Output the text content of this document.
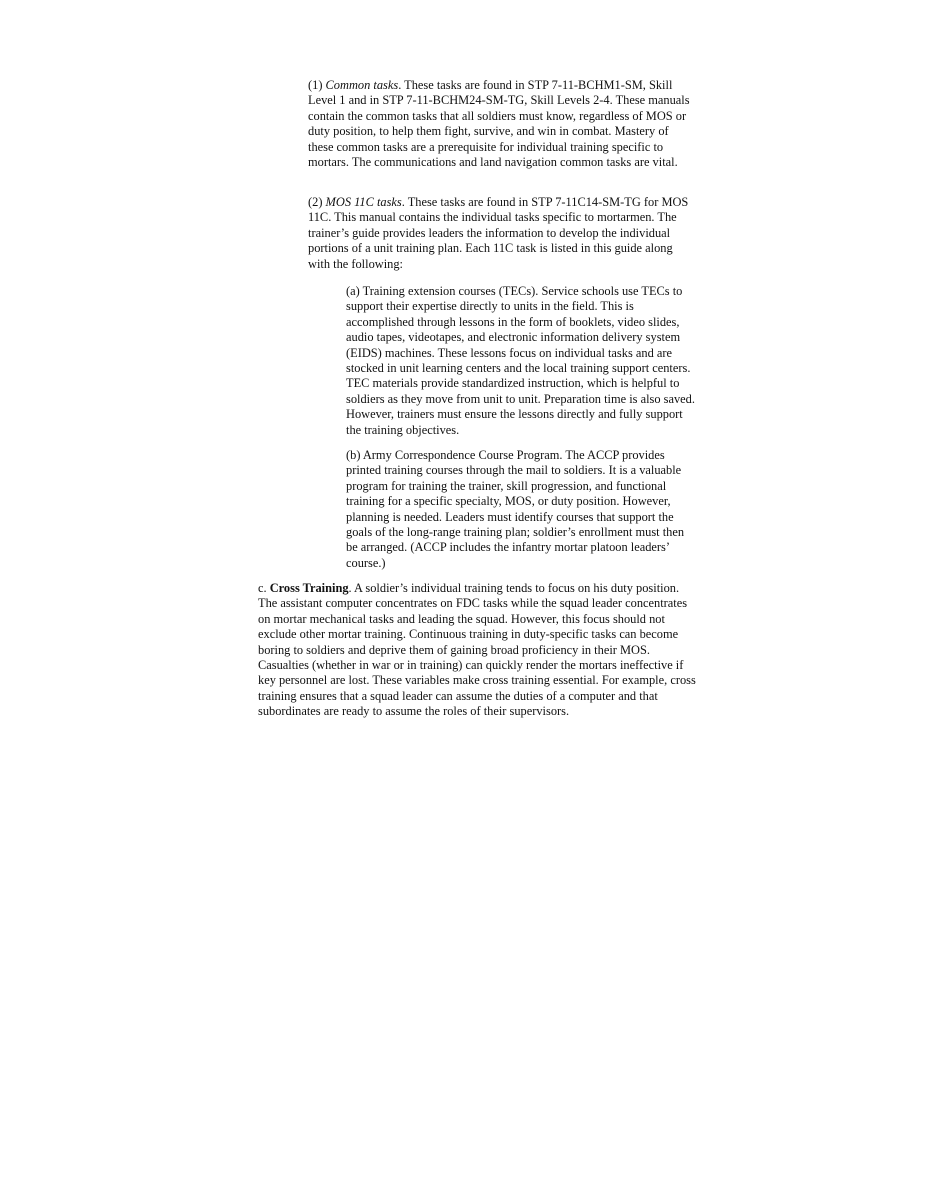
(1) Common tasks. These tasks are found in STP 7-11-BCHM1-SM, Skill Level 1 and in STP 7-11-BCHM24-SM-TG, Skill Levels 2-4. These manuals contain the common tasks that all soldiers must know, regardless of MOS or duty position, to help them fight, survive, and win in combat. Mastery of these common tasks are a prerequisite for individual training specific to mortars. The communications and land navigation common tasks are vital.

(2) MOS 11C tasks. These tasks are found in STP 7-11C14-SM-TG for MOS 11C. This manual contains the individual tasks specific to mortarmen. The trainer’s guide provides leaders the information to develop the individual portions of a unit training plan. Each 11C task is listed in this guide along with the following:

(a) Training extension courses (TECs). Service schools use TECs to support their expertise directly to units in the field. This is accomplished through lessons in the form of booklets, video slides, audio tapes, videotapes, and electronic information delivery system (EIDS) machines. These lessons focus on individual tasks and are stocked in unit learning centers and the local training support centers. TEC materials provide standardized instruction, which is helpful to soldiers as they move from unit to unit. Preparation time is also saved. However, trainers must ensure the lessons directly and fully support the training objectives.

(b) Army Correspondence Course Program. The ACCP provides printed training courses through the mail to soldiers. It is a valuable program for training the trainer, skill progression, and functional training for a specific specialty, MOS, or duty position. However, planning is needed. Leaders must identify courses that support the goals of the long-range training plan; soldier’s enrollment must then be arranged. (ACCP includes the infantry mortar platoon leaders’ course.)

c. Cross Training. A soldier’s individual training tends to focus on his duty position. The assistant computer concentrates on FDC tasks while the squad leader concentrates on mortar mechanical tasks and leading the squad. However, this focus should not exclude other mortar training. Continuous training in duty-specific tasks can become boring to soldiers and deprive them of gaining broad proficiency in their MOS. Casualties (whether in war or in training) can quickly render the mortars ineffective if key personnel are lost. These variables make cross training essential. For example, cross training ensures that a squad leader can assume the duties of a computer and that subordinates are ready to assume the roles of their supervisors.
